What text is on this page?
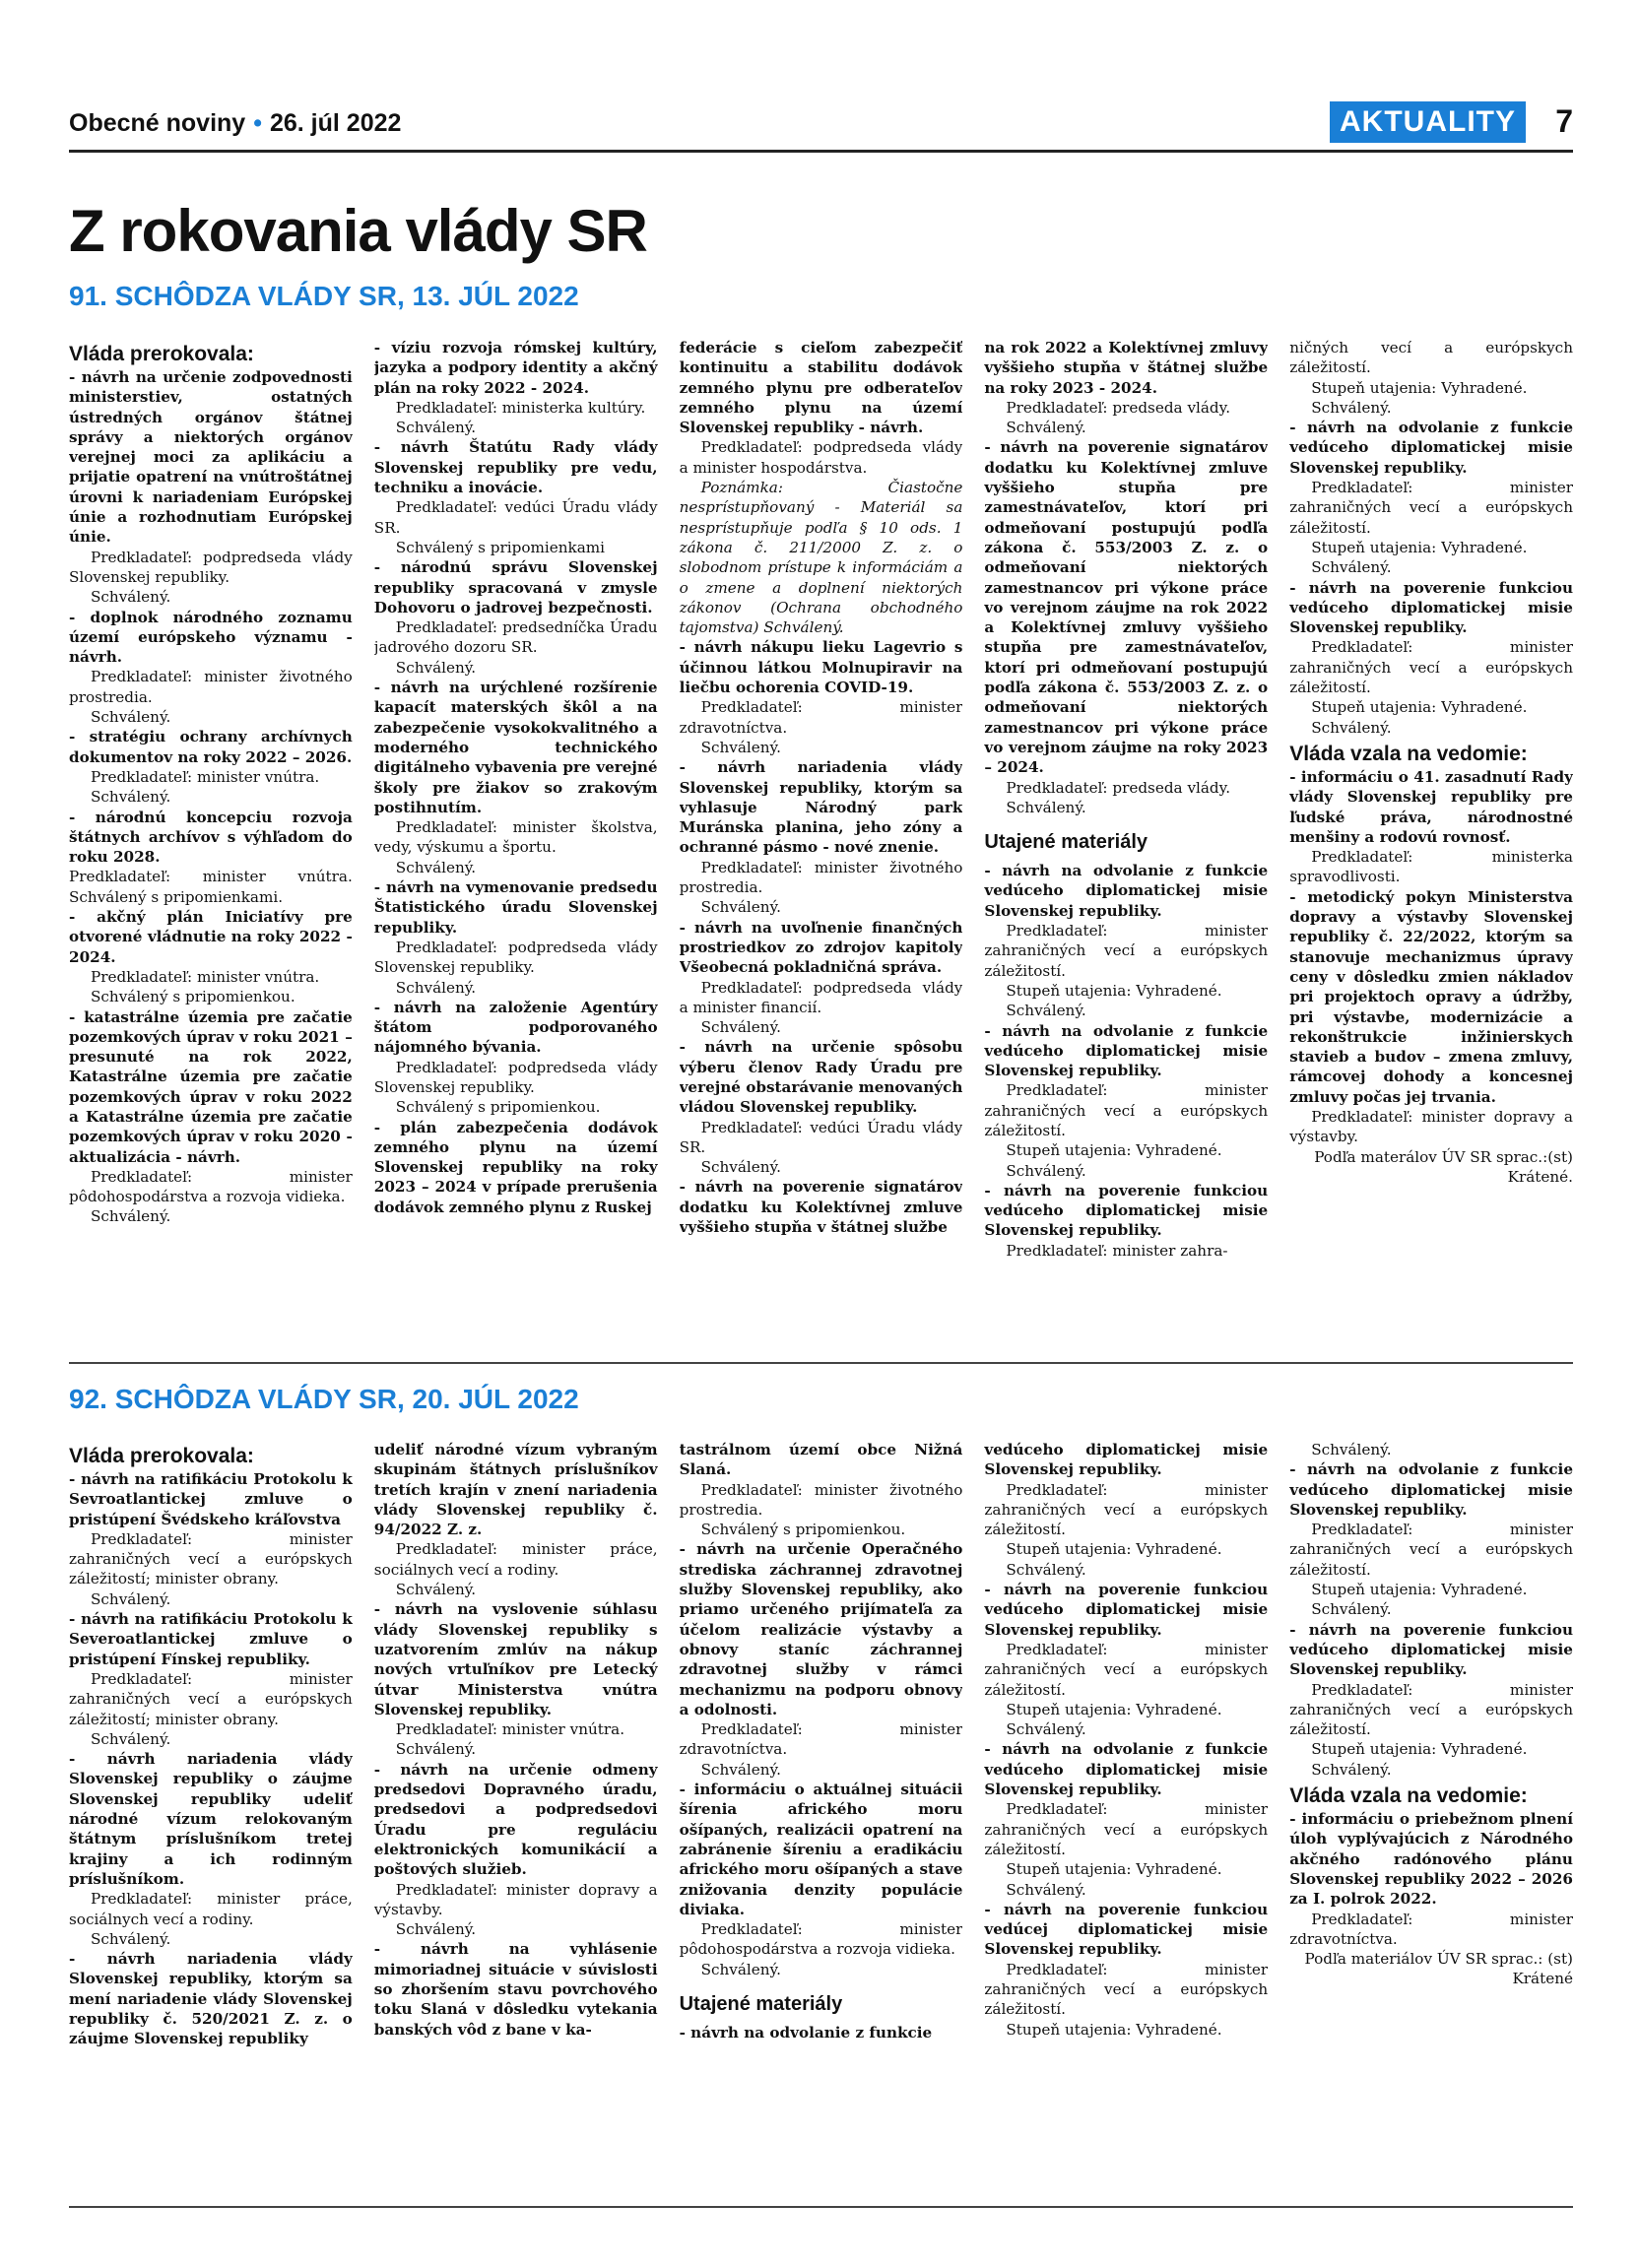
Obecné noviny • 26. júl 2022	AKTUALITY	7
Z rokovania vlády SR
91. SCHÔDZA VLÁDY SR, 13. JÚL 2022

Vláda prerokovala:

- návrh na určenie zodpovednosti ministerstiev, ostatných ústredných orgánov štátnej správy a niektorých orgánov verejnej moci za aplikáciu a prijatie opatrení na vnútroštátnej úrovni k nariadeniam Európskej únie a rozhodnutiam Európskej únie.

Predkladateľ: podpredseda vlády Slovenskej republiky.

Schválený.

- doplnok národného zoznamu území európskeho významu - návrh.

Predkladateľ: minister životného prostredia.

Schválený.

- stratégiu ochrany archívnych dokumentov na roky 2022 – 2026.

Predkladateľ: minister vnútra.

Schválený.

- národnú koncepciu rozvoja štátnych archívov s výhľadom do roku 2028.

Predkladateľ: minister vnútra. Schválený s pripomienkami.

- akčný plán Iniciatívy pre otvorené vládnutie na roky 2022 - 2024.

Predkladateľ: minister vnútra.

Schválený s pripomienkou.

- katastrálne územia pre začatie pozemkových úprav v roku 2021 – presunuté na rok 2022, Katastrálne územia pre začatie pozemkových úprav v roku 2022 a Katastrálne územia pre začatie pozemkových úprav v roku 2020 - aktualizácia - návrh.

Predkladateľ: minister pôdohospodárstva a rozvoja vidieka.

Schválený.

- víziu rozvoja rómskej kultúry, jazyka a podpory identity a akčný plán na roky 2022 - 2024.

Predkladateľ: ministerka kultúry.

Schválený.

- návrh Štatútu Rady vlády Slovenskej republiky pre vedu, techniku a inovácie.

Predkladateľ: vedúci Úradu vlády SR.

Schválený s pripomienkami

- národnú správu Slovenskej republiky spracovaná v zmysle Dohovoru o jadrovej bezpečnosti.

Predkladateľ: predsedníčka Úradu jadrového dozoru SR.

Schválený.

- návrh na urýchlené rozšírenie kapacít materských škôl a na zabezpečenie vysokokvalitného a moderného technického digitálneho vybavenia pre verejné školy pre žiakov so zrakovým postihnutím.

Predkladateľ: minister školstva, vedy, výskumu a športu.

Schválený.

- návrh na vymenovanie predsedu Štatistického úradu Slovenskej republiky.

Predkladateľ: podpredseda vlády Slovenskej republiky.

Schválený.

- návrh na založenie Agentúry štátom podporovaného nájomného bývania.

Predkladateľ: podpredseda vlády Slovenskej republiky.

Schválený s pripomienkou.

- plán zabezpečenia dodávok zemného plynu na území Slovenskej republiky na roky 2023 – 2024 v prípade prerušenia dodávok zemného plynu z Ruskej

federácie s cieľom zabezpečiť kontinuitu a stabilitu dodávok zemného plynu pre odberateľov zemného plynu na území Slovenskej republiky - návrh.

Predkladateľ: podpredseda vlády a minister hospodárstva.

Poznámka: Čiastočne nesprístupňovaný - Materiál sa nesprístupňuje podľa § 10 ods. 1 zákona č. 211/2000 Z. z. o slobodnom prístupe k informáciám a o zmene a doplnení niektorých zákonov (Ochrana obchodného tajomstva) Schválený.

- návrh nákupu lieku Lagevrio s účinnou látkou Molnupiravir na liečbu ochorenia COVID-19.

Predkladateľ: minister zdravotníctva.

Schválený.

- návrh nariadenia vlády Slovenskej republiky, ktorým sa vyhlasuje Národný park Muránska planina, jeho zóny a ochranné pásmo - nové znenie.

Predkladateľ: minister životného prostredia.

Schválený.

- návrh na uvoľnenie finančných prostriedkov zo zdrojov kapitoly Všeobecná pokladničná správa.

Predkladateľ: podpredseda vlády a minister financií.

Schválený.

- návrh na určenie spôsobu výberu členov Rady Úradu pre verejné obstarávanie menovaných vládou Slovenskej republiky.

Predkladateľ: vedúci Úradu vlády SR.

Schválený.

- návrh na poverenie signatárov dodatku ku Kolektívnej zmluve vyššieho stupňa v štátnej službe

na rok 2022 a Kolektívnej zmluvy vyššieho stupňa v štátnej službe na roky 2023 - 2024.

Predkladateľ: predseda vlády.

Schválený.

- návrh na poverenie signatárov dodatku ku Kolektívnej zmluve vyššieho stupňa pre zamestnávateľov, ktorí pri odmeňovaní postupujú podľa zákona č. 553/2003 Z. z. o odmeňovaní niektorých zamestnancov pri výkone práce vo verejnom záujme na rok 2022 a Kolektívnej zmluvy vyššieho stupňa pre zamestnávateľov, ktorí pri odmeňovaní postupujú podľa zákona č. 553/2003 Z. z. o odmeňovaní niektorých zamestnancov pri výkone práce vo verejnom záujme na roky 2023 – 2024.

Predkladateľ: predseda vlády.

Schválený.

Utajené materiály

- návrh na odvolanie z funkcie vedúceho diplomatickej misie Slovenskej republiky.

Predkladateľ: minister zahraničných vecí a európskych záležitostí.

Stupeň utajenia: Vyhradené.

Schválený.

- návrh na odvolanie z funkcie vedúceho diplomatickej misie Slovenskej republiky.

Predkladateľ: minister zahraničných vecí a európskych záležitostí.

Stupeň utajenia: Vyhradené.

Schválený.

- návrh na poverenie funkciou vedúceho diplomatickej misie Slovenskej republiky.

Predkladateľ: minister zahra-

ničných vecí a európskych záležitostí.

Stupeň utajenia: Vyhradené.

Schválený.

- návrh na odvolanie z funkcie vedúceho diplomatickej misie Slovenskej republiky.

Predkladateľ: minister zahraničných vecí a európskych záležitostí.

Stupeň utajenia: Vyhradené.

Schválený.

- návrh na poverenie funkciou vedúceho diplomatickej misie Slovenskej republiky.

Predkladateľ: minister zahraničných vecí a európskych záležitostí.

Stupeň utajenia: Vyhradené.

Schválený.

Vláda vzala na vedomie:

- informáciu o 41. zasadnutí Rady vlády Slovenskej republiky pre ľudské práva, národnostné menšiny a rodovú rovnosť.

Predkladateľ: ministerka spravodlivosti.

- metodický pokyn Ministerstva dopravy a výstavby Slovenskej republiky č. 22/2022, ktorým sa stanovuje mechanizmus úpravy ceny v dôsledku zmien nákladov pri projektoch opravy a údržby, pri výstavbe, modernizácie a rekonštrukcie inžinierskych stavieb a budov – zmena zmluvy, rámcovej dohody a koncesnej zmluvy počas jej trvania.

Predkladateľ: minister dopravy a výstavby.

Podľa materálov ÚV SR sprac.:(st) Krátené.

92. SCHÔDZA VLÁDY SR, 20. JÚL 2022

Vláda prerokovala:

- návrh na ratifikáciu Protokolu k Sevroatlantickej zmluve o pristúpení Švédskeho kráľovstva

Predkladateľ: minister zahraničných vecí a európskych záležitostí; minister obrany.

Schválený.

- návrh na ratifikáciu Protokolu k Severoatlantickej zmluve o pristúpení Fínskej republiky.

Predkladateľ: minister zahraničných vecí a európskych záležitostí; minister obrany.

Schválený.

- návrh nariadenia vlády Slovenskej republiky o záujme Slovenskej republiky udeliť národné vízum relokovaným štátnym príslušníkom tretej krajiny a ich rodinným príslušníkom.

Predkladateľ: minister práce, sociálnych vecí a rodiny.

Schválený.

- návrh nariadenia vlády Slovenskej republiky, ktorým sa mení nariadenie vlády Slovenskej republiky č. 520/2021 Z. z. o záujme Slovenskej republiky

udeliť národné vízum vybraným skupinám štátnych príslušníkov tretích krajín v znení nariadenia vlády Slovenskej republiky č. 94/2022 Z. z.

Predkladateľ: minister práce, sociálnych vecí a rodiny.

Schválený.

- návrh na vyslovenie súhlasu vlády Slovenskej republiky s uzatvorením zmlúv na nákup nových vrtuľníkov pre Letecký útvar Ministerstva vnútra Slovenskej republiky.

Predkladateľ: minister vnútra.

Schválený.

- návrh na určenie odmeny predsedovi Dopravného úradu, predsedovi a podpredsedovi Úradu pre reguláciu elektronických komunikácií a poštových služieb.

Predkladateľ: minister dopravy a výstavby.

Schválený.

- návrh na vyhlásenie mimoriadnej situácie v súvislosti so zhoršením stavu povrchového toku Slaná v dôsledku vytekania banských vôd z bane v ka-

tastrálnom území obce Nižná Slaná.

Predkladateľ: minister životného prostredia.

Schválený s pripomienkou.

- návrh na určenie Operačného strediska záchrannej zdravotnej služby Slovenskej republiky, ako priamo určeného prijímateľa za účelom realizácie výstavby a obnovy staníc záchrannej zdravotnej služby v rámci mechanizmu na podporu obnovy a odolnosti.

Predkladateľ: minister zdravotníctva.

Schválený.

- informáciu o aktuálnej situácii šírenia afrického moru ošípaných, realizácii opatrení na zabránenie šíreniu a eradikáciu afrického moru ošípaných a stave znižovania denzity populácie diviaka.

Predkladateľ: minister pôdohospodárstva a rozvoja vidieka.

Schválený.

Utajené materiály

- návrh na odvolanie z funkcie

vedúceho diplomatickej misie Slovenskej republiky.

Predkladateľ: minister zahraničných vecí a európskych záležitostí.

Stupeň utajenia: Vyhradené.

Schválený.

- návrh na poverenie funkciou vedúceho diplomatickej misie Slovenskej republiky.

Predkladateľ: minister zahraničných vecí a európskych záležitostí.

Stupeň utajenia: Vyhradené.

Schválený.

- návrh na odvolanie z funkcie vedúceho diplomatickej misie Slovenskej republiky.

Predkladateľ: minister zahraničných vecí a európskych záležitostí.

Stupeň utajenia: Vyhradené.

Schválený.

- návrh na poverenie funkciou vedúcej diplomatickej misie Slovenskej republiky.

Predkladateľ: minister zahraničných vecí a európskych záležitostí.

Stupeň utajenia: Vyhradené.

Schválený.

- návrh na odvolanie z funkcie vedúceho diplomatickej misie Slovenskej republiky.

Predkladateľ: minister zahraničných vecí a európskych záležitostí.

Stupeň utajenia: Vyhradené.

Schválený.

- návrh na poverenie funkciou vedúceho diplomatickej misie Slovenskej republiky.

Predkladateľ: minister zahraničných vecí a európskych záležitostí.

Stupeň utajenia: Vyhradené.

Schválený.

Vláda vzala na vedomie:

- informáciu o priebežnom plnení úloh vyplývajúcich z Národného akčného radónového plánu Slovenskej republiky 2022 – 2026 za I. polrok 2022.

Predkladateľ: minister zdravotníctva.

Podľa materiálov ÚV SR sprac.: (st) Krátené
